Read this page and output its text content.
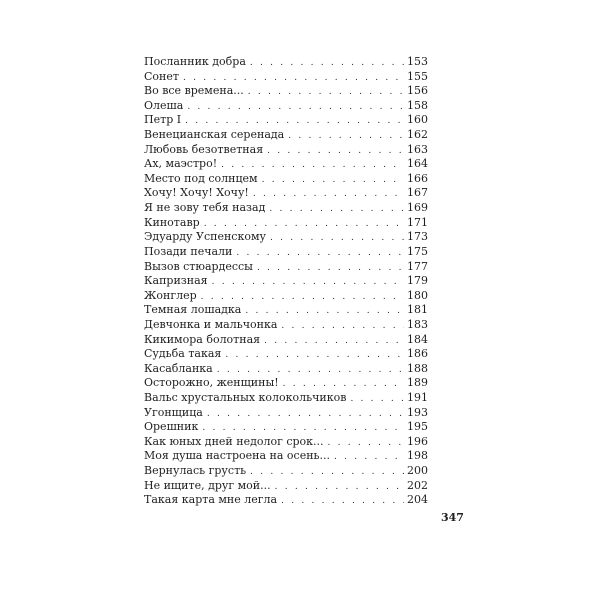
Посланник добра . . .	153
Сонет . . .	155
Во все времена... . . .	156
Олеша . . .	158
Петр I . . .	160
Венецианская серенада . . .	162
Любовь безответная . . .	163
Ах, маэстро! . . .	164
Место под солнцем . . .	166
Хочу! Хочу! Хочу! . . .	167
Я не зову тебя назад . . .	169
Кинотавр . . .	171
Эдуарду Успенскому . . .	173
Позади печали . . .	175
Вызов стюардессы . . .	177
Капризная . . .	179
Жонглер . . .	180
Темная лошадка . . .	181
Девчонка и мальчонка . . .	183
Кикимора болотная . . .	184
Судьба такая . . .	186
Касабланка . . .	188
Осторожно, женщины! . . .	189
Вальс хрустальных колокольчиков . . .	191
Угонщица . . .	193
Орешник . . .	195
Как юных дней недолог срок... . . .	196
Моя душа настроена на осень... . . .	198
Вернулась грусть . . .	200
Не ищите, друг мой... . . .	202
Такая карта мне легла . . .	204
347
